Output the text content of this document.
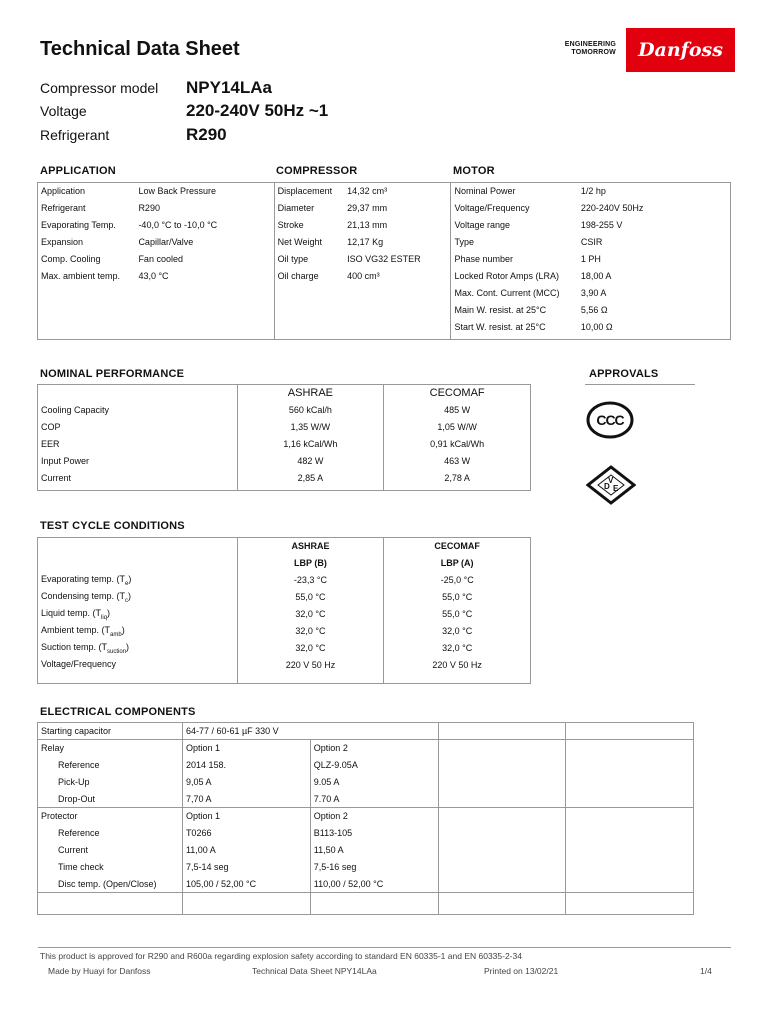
Technical Data Sheet	ENGINEERING
TOMORROW	Danfoss
Compressor model NPY14LAa
Voltage	220-240V 50Hz ~1
Refrigerant	R290
APPLICATION	COMPRESSOR	MOTOR
Application	Low Back Pressure	Displacement	14,32 cm³	Nominal Power	1/2 hp
Refrigerant	R290	Diameter	29,37 mm	Voltage/Frequency	220-240V 50Hz
Evaporating Temp.	-40,0 °C to -10,0 °C	Stroke	21,13 mm	Voltage range	198-255 V
Expansion	Capillar/Valve	Net Weight	12,17 Kg	Type	CSIR
Comp. Cooling	Fan cooled	Oil type	ISO VG32 ESTER	Phase number	1 PH
Max. ambient temp.	43,0 °C	Oil charge	400 cm³	Locked Rotor Amps (LRA)	18,00 A
				Max. Cont. Current (MCC)	3,90 A
				Main W. resist. at 25°C	5,56 Ω
				Start W. resist. at 25°C	10,00 Ω

NOMINAL PERFORMANCE	APPROVALS
	ASHRAE	CECOMAF
Cooling Capacity	560 kCal/h	485 W
COP	1,35 W/W	1,05 W/W
EER	1,16 kCal/Wh	0,91 kCal/Wh
Input Power	482 W	463 W
Current	2,85 A	2,78 A

CCC
D
V
E
TEST CYCLE CONDITIONS
	ASHRAE	CECOMAF
	LBP (B)	LBP (A)
Evaporating temp. $(T_e)$	-23,3 °C	-25,0 °C
Condensing temp. $(T_c)$	55,0 °C	55,0 °C
Liquid temp. $(T_{liq})$	32,0 °C	55,0 °C
Ambient temp. $(T_{amb})$	32,0 °C	32,0 °C
Suction temp. $(T_{suction})$	32,0 °C	32,0 °C
Voltage/Frequency	220 V 50 Hz	220 V 50 Hz

ELECTRICAL COMPONENTS
Starting capacitor	64-77 / 60-61 µF 330 V			
Relay	Option 1	Option 2		
Reference	2014 158.	QLZ-9.05A		
Pick-Up	9,05 A	9.05 A		
Drop-Out	7,70 A	7.70 A		
Protector	Option 1	Option 2		
Reference	T0266	B113-105		
Current	11,00 A	11,50 A		
Time check	7,5-14 seg	7,5-16 seg		
Disc temp. (Open/Close)	105,00 / 52,00 °C	110,00 / 52,00 °C		

This product is approved for R290 and R600a regarding explosion safety according to standard EN 60335-1 and EN 60335-2-34
Made by Huayi for Danfoss	Technical Data Sheet NPY14LAa	Printed on 13/02/21	1/4
